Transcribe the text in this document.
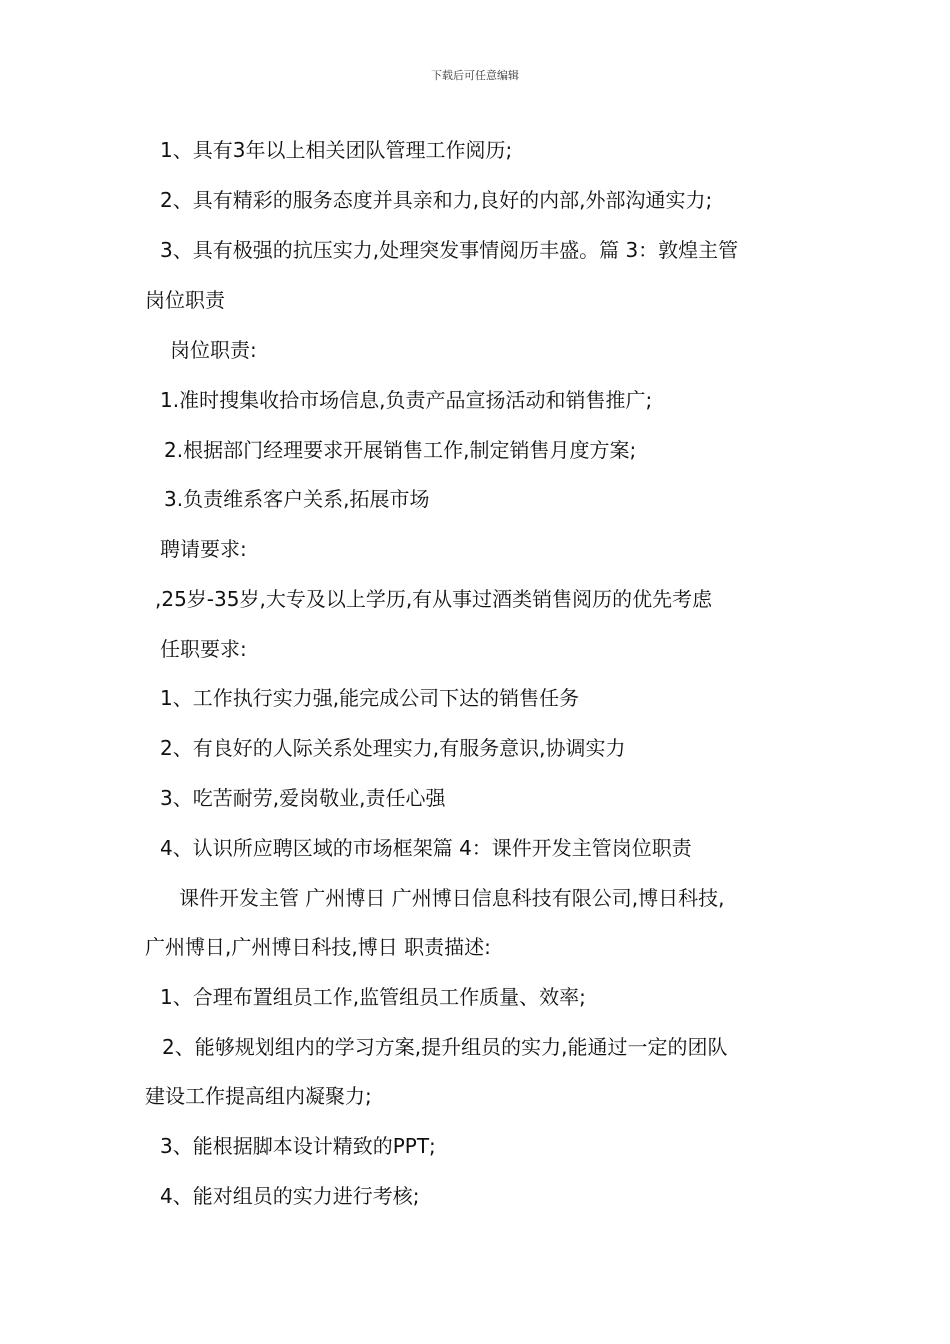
下载后可任意编辑
1、具有3年以上相关团队管理工作阅历;
2、具有精彩的服务态度并具亲和力,良好的内部,外部沟通实力;
3、具有极强的抗压实力,处理突发事情阅历丰盛。篇 3：敦煌主管
岗位职责
岗位职责:
1.准时搜集收拾市场信息,负责产品宣扬活动和销售推广;
2.根据部门经理要求开展销售工作,制定销售月度方案;
3.负责维系客户关系,拓展市场
聘请要求:
,25岁-35岁,大专及以上学历,有从事过酒类销售阅历的优先考虑
任职要求:
1、工作执行实力强,能完成公司下达的销售任务
2、有良好的人际关系处理实力,有服务意识,协调实力
3、吃苦耐劳,爱岗敬业,责任心强
4、认识所应聘区域的市场框架篇 4：课件开发主管岗位职责
课件开发主管 广州博日 广州博日信息科技有限公司,博日科技,
广州博日,广州博日科技,博日 职责描述:
1、合理布置组员工作,监管组员工作质量、效率;
2、能够规划组内的学习方案,提升组员的实力,能通过一定的团队
建设工作提高组内凝聚力;
3、能根据脚本设计精致的PPT;
4、能对组员的实力进行考核;
